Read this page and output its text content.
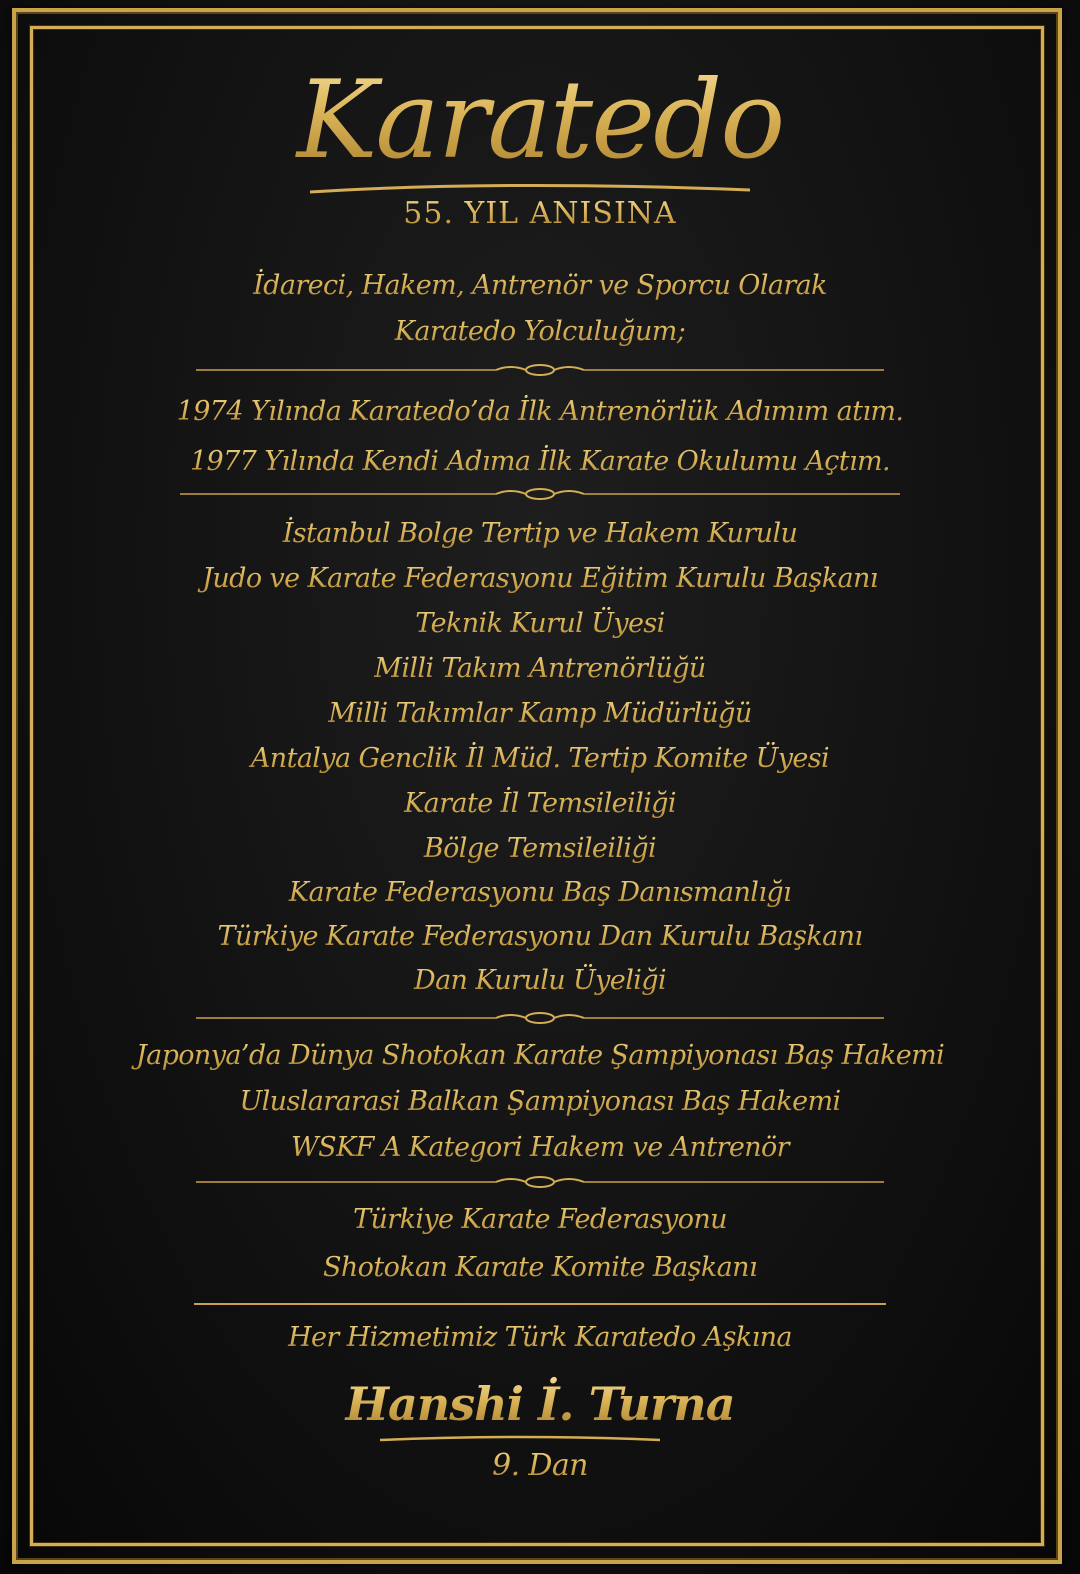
Karatedo
55. YIL ANISINA
İdareci, Hakem, Antrenör ve Sporcu Olarak
Karatedo Yolculuğum;
1974 Yılında Karatedo’da İlk Antrenörlük Adımım atım.
1977 Yılında Kendi Adıma İlk Karate Okulumu Açtım.
İstanbul Bolge Tertip ve Hakem Kurulu
Judo ve Karate Federasyonu Eğitim Kurulu Başkanı
Teknik Kurul Üyesi
Milli Takım Antrenörlüğü
Milli Takımlar Kamp Müdürlüğü
Antalya Genclik İl Müd. Tertip Komite Üyesi
Karate İl Temsileiliği
Bölge Temsileiliği
Karate Federasyonu Baş Danısmanlığı
Türkiye Karate Federasyonu Dan Kurulu Başkanı
Dan Kurulu Üyeliği
Japonya’da Dünya Shotokan Karate Şampiyonası Baş Hakemi
Uluslararasi Balkan Şampiyonası Baş Hakemi
WSKF A Kategori Hakem ve Antrenör
Türkiye Karate Federasyonu
Shotokan Karate Komite Başkanı
Her Hizmetimiz Türk Karatedo Aşkına
Hanshi İ. Turna
9. Dan
